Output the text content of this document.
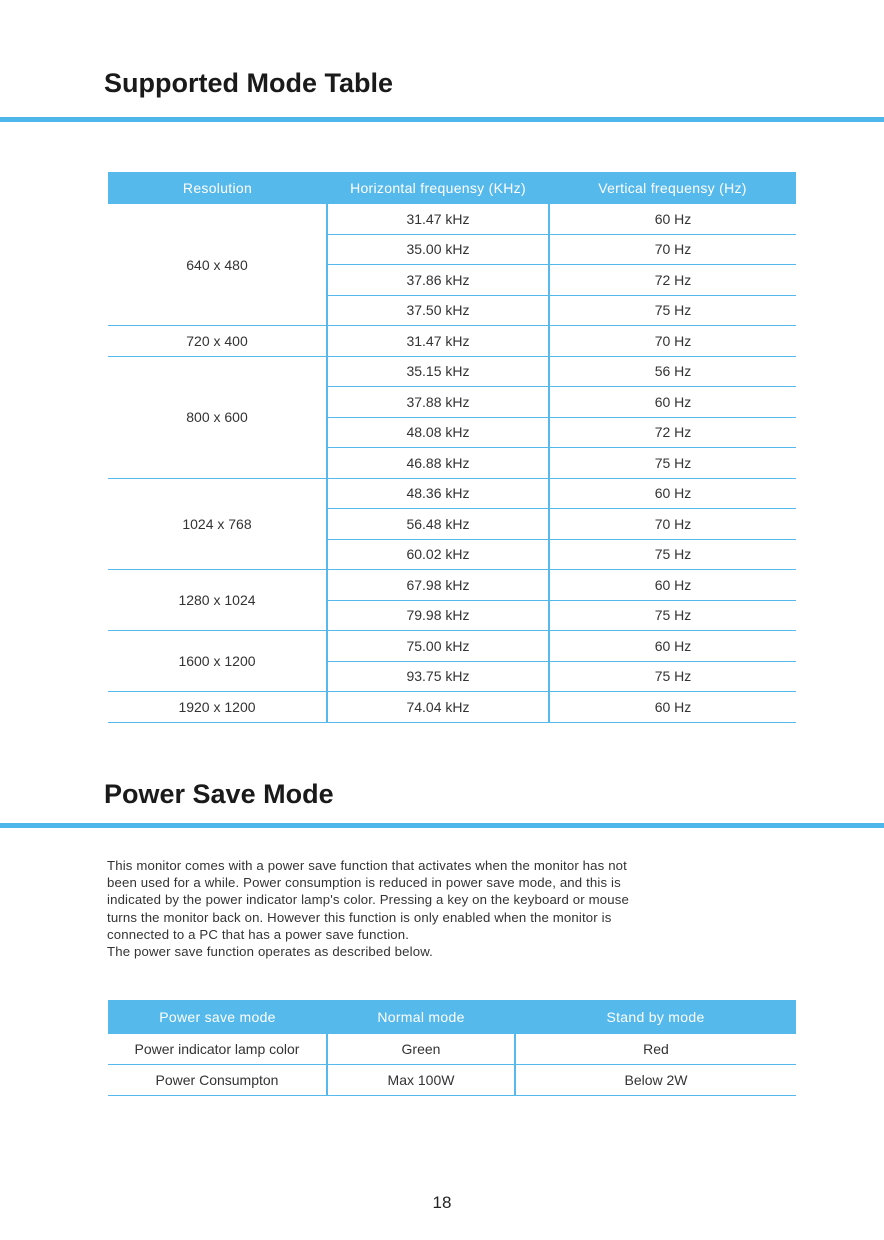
Supported Mode Table
Resolution	Horizontal frequensy (KHz)	Vertical frequensy (Hz)
640 x 480	31.47 kHz	60 Hz
	35.00 kHz	70 Hz
	37.86 kHz	72 Hz
	37.50 kHz	75 Hz
720 x 400	31.47 kHz	70 Hz
800 x 600	35.15 kHz	56 Hz
	37.88 kHz	60 Hz
	48.08 kHz	72 Hz
	46.88 kHz	75 Hz
1024 x 768	48.36 kHz	60 Hz
	56.48 kHz	70 Hz
	60.02 kHz	75 Hz
1280 x 1024	67.98 kHz	60 Hz
	79.98 kHz	75 Hz
1600 x 1200	75.00 kHz	60 Hz
	93.75 kHz	75 Hz
1920 x 1200	74.04 kHz	60 Hz
Power Save Mode

This monitor comes with a power save function that activates when the monitor has not

been used for a while. Power consumption is reduced in power save mode, and this is

indicated by the power indicator lamp's color. Pressing a key on the keyboard or mouse

turns the monitor back on. However this function is only enabled when the monitor is

connected to a PC that has a power save function.

The power save function operates as described below.

Power save mode	Normal mode	Stand by mode
Power indicator lamp color	Green	Red
Power Consumpton	Max 100W	Below 2W
18
